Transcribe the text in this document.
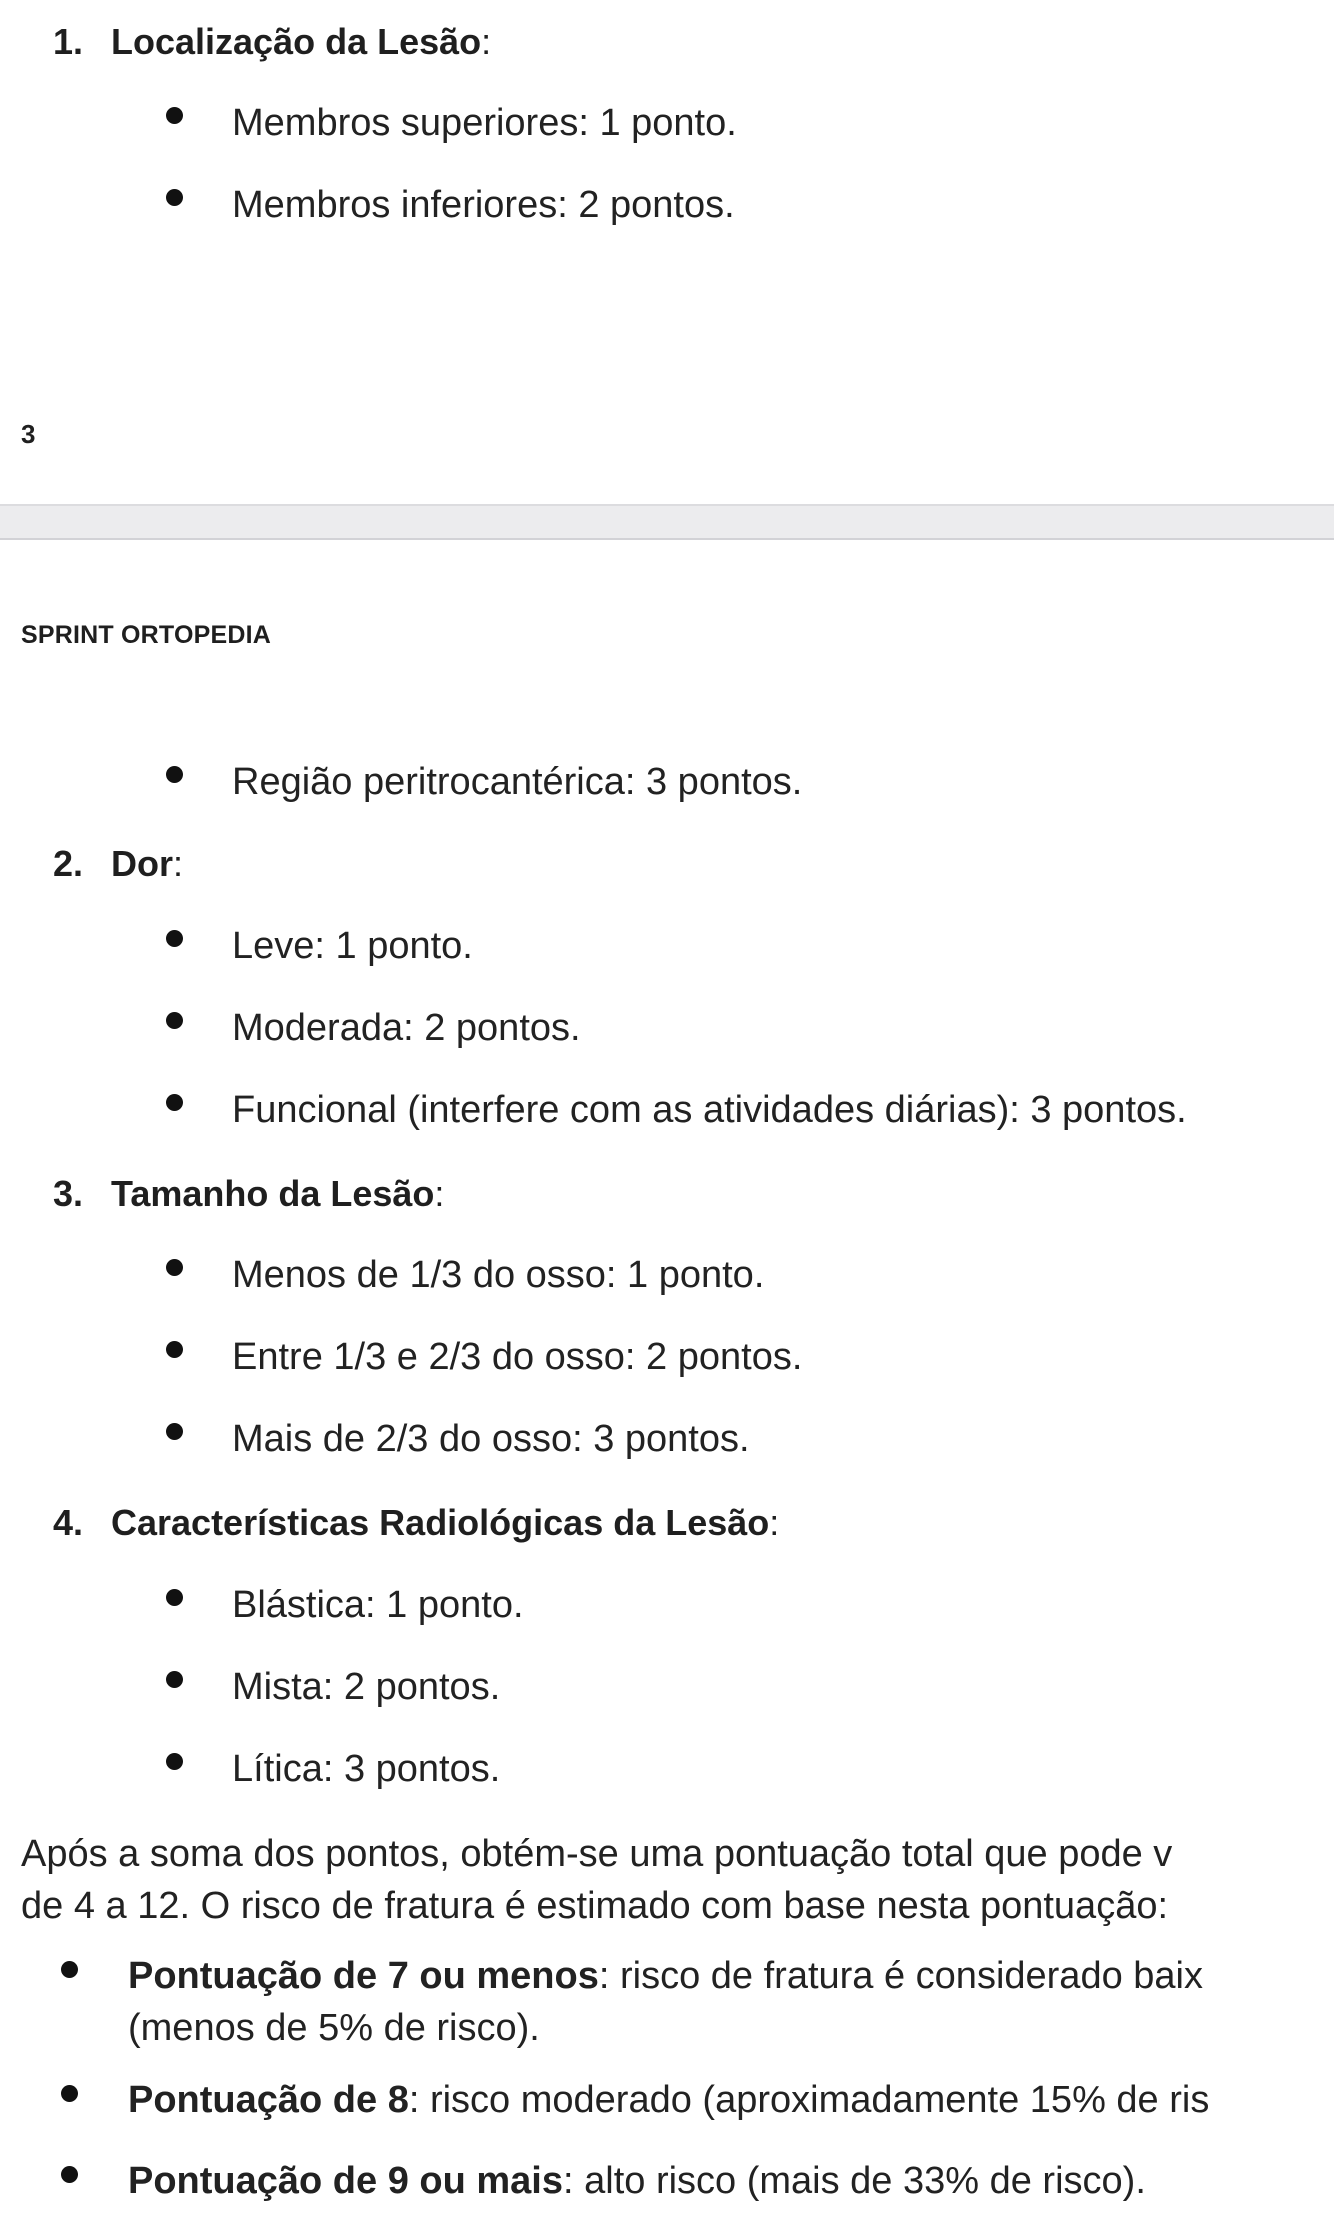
1. Localização da Lesão:
Membros superiores: 1 ponto.
Membros inferiores: 2 pontos.
3
SPRINT ORTOPEDIA
Região peritrocantérica: 3 pontos.
2. Dor:
Leve: 1 ponto.
Moderada: 2 pontos.
Funcional (interfere com as atividades diárias): 3 pontos.
3. Tamanho da Lesão:
Menos de 1/3 do osso: 1 ponto.
Entre 1/3 e 2/3 do osso: 2 pontos.
Mais de 2/3 do osso: 3 pontos.
4. Características Radiológicas da Lesão:
Blástica: 1 ponto.
Mista: 2 pontos.
Lítica: 3 pontos.
Após a soma dos pontos, obtém-se uma pontuação total que pode v
de 4 a 12. O risco de fratura é estimado com base nesta pontuação:
Pontuação de 7 ou menos: risco de fratura é considerado baix
(menos de 5% de risco).
Pontuação de 8: risco moderado (aproximadamente 15% de ris
Pontuação de 9 ou mais: alto risco (mais de 33% de risco).
